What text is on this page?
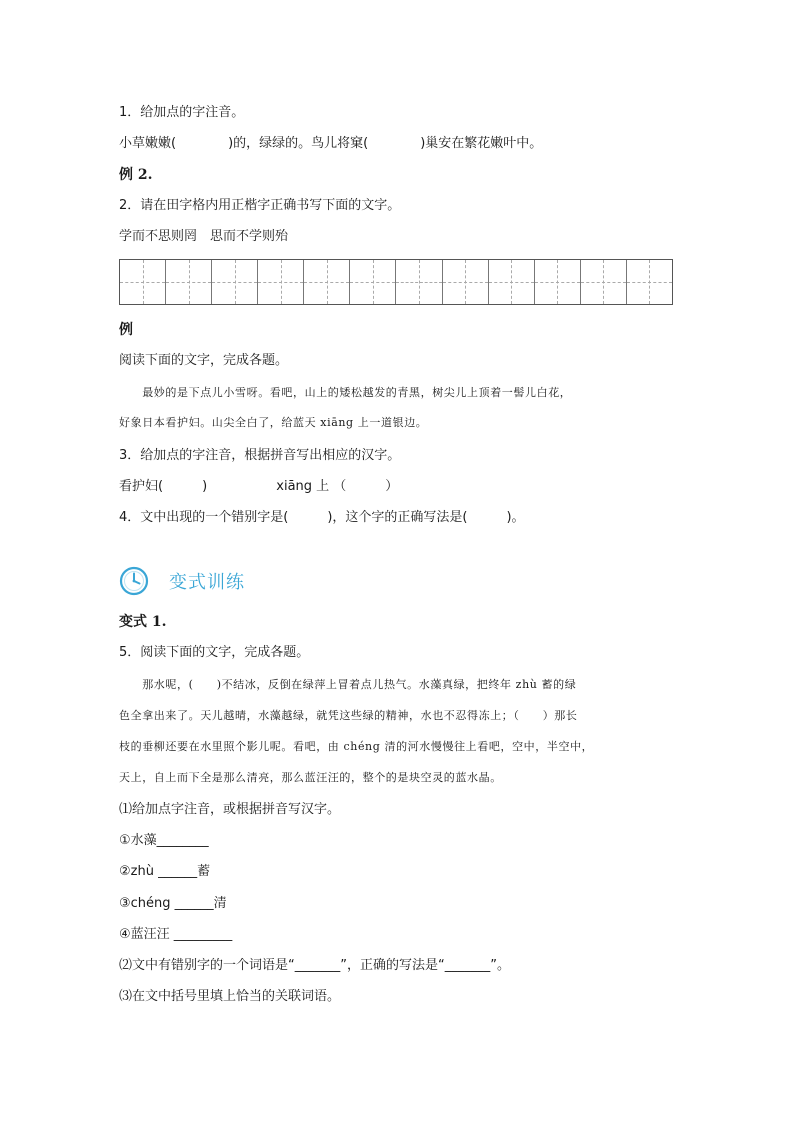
1．给加点的字注音。
小草嫩嫩(　　　　)的，绿绿的。鸟儿将窠(　　　　)巢安在繁花嫩叶中。
例 2.
2．请在田字格内用正楷字正确书写下面的文字。
学而不思则罔　思而不学则殆
例
阅读下面的文字，完成各题。
　　最妙的是下点儿小雪呀。看吧，山上的矮松越发的青黑，树尖儿上顶着一髻儿白花，
好象日本看护妇。山尖全白了，给蓝天 xiāng 上一道银边。
3．给加点的字注音，根据拼音写出相应的汉字。
看护妇(　　　)　　　　　 xiāng 上 （　　　）
4．文中出现的一个错别字是(　　　)，这个字的正确写法是(　　　)。
变式训练
变式 1.
5．阅读下面的文字，完成各题。
　　那水呢，(　　)不结冰，反倒在绿萍上冒着点儿热气。水藻真绿，把终年 zhù 蓄的绿
色全拿出来了。天儿越晴，水藻越绿，就凭这些绿的精神，水也不忍得冻上；（　　）那长
枝的垂柳还要在水里照个影儿呢。看吧，由 chéng 清的河水慢慢往上看吧，空中，半空中，
天上，自上而下全是那么清亮，那么蓝汪汪的，整个的是块空灵的蓝水晶。
⑴给加点字注音，或根据拼音写汉字。
①水藻________
②zhù ______蓄
③chéng ______清
④蓝汪汪 _________
⑵文中有错别字的一个词语是“_______”，正确的写法是“_______”。
⑶在文中括号里填上恰当的关联词语。
